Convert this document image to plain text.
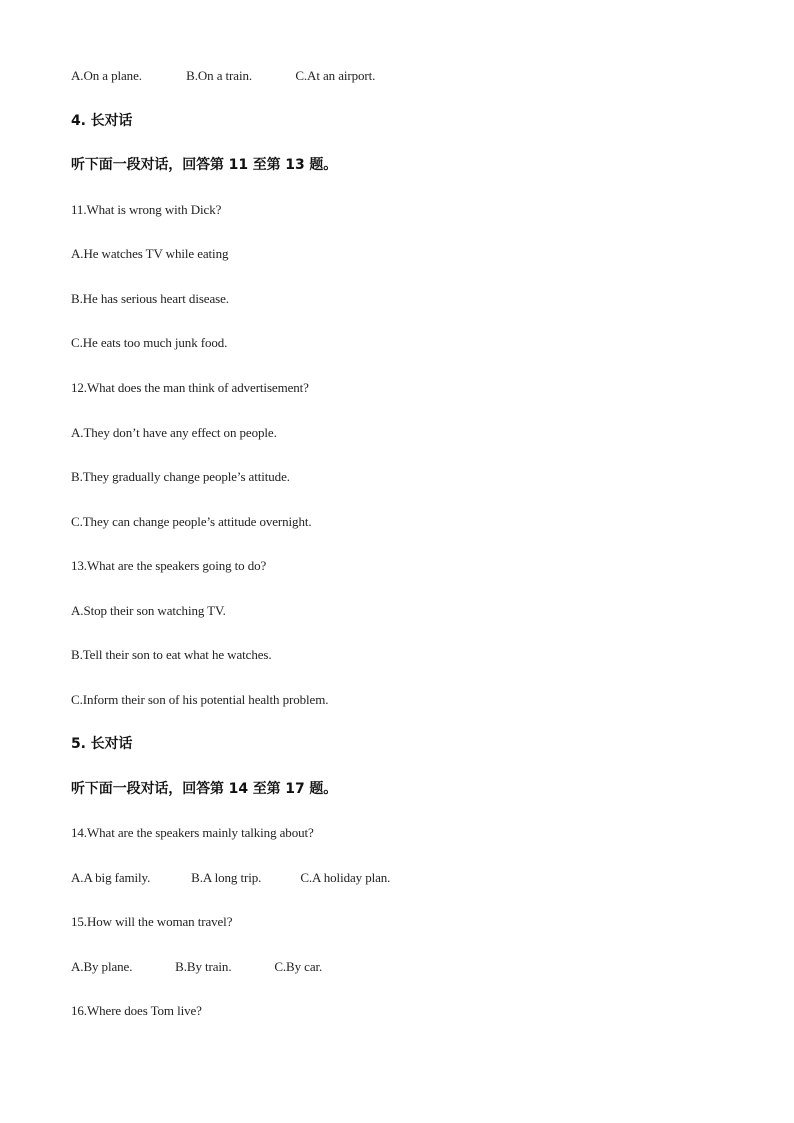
A.On a plane.	B.On a train.	C.At an airport.
4. 长对话
听下面一段对话，回答第 11 至第 13 题。
11.What is wrong with Dick?
A.He watches TV while eating
B.He has serious heart disease.
C.He eats too much junk food.
12.What does the man think of advertisement?
A.They don’t have any effect on people.
B.They gradually change people’s attitude.
C.They can change people’s attitude overnight.
13.What are the speakers going to do?
A.Stop their son watching TV.
B.Tell their son to eat what he watches.
C.Inform their son of his potential health problem.
5. 长对话
听下面一段对话，回答第 14 至第 17 题。
14.What are the speakers mainly talking about?
A.A big family.	B.A long trip.	C.A holiday plan.
15.How will the woman travel?
A.By plane.	B.By train.	C.By car.
16.Where does Tom live?
